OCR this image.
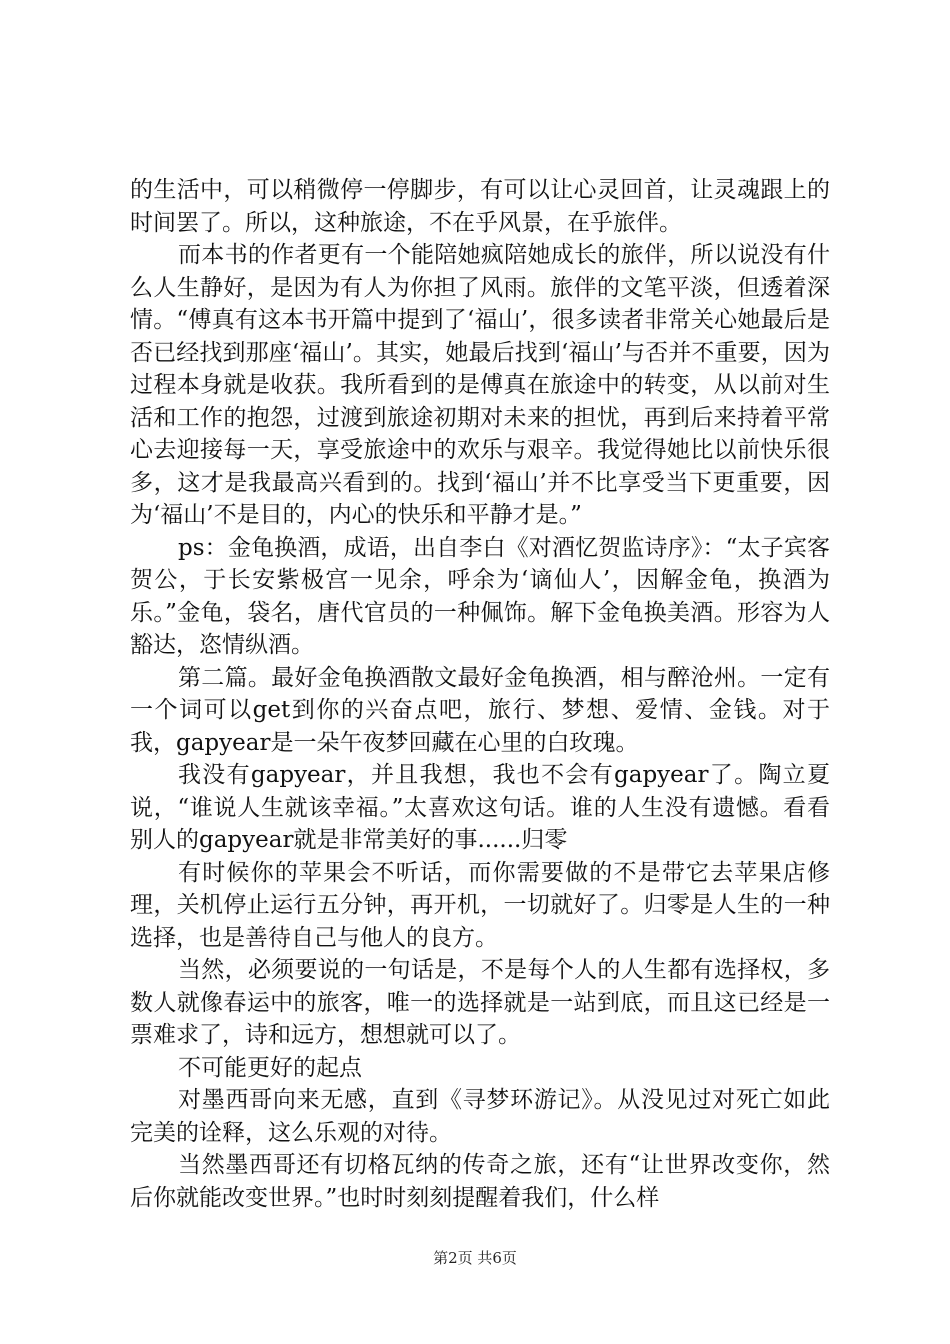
的生活中，可以稍微停一停脚步，有可以让心灵回首，让灵魂跟上的时间罢了。所以，这种旅途，不在乎风景，在乎旅伴。

而本书的作者更有一个能陪她疯陪她成长的旅伴，所以说没有什么人生静好，是因为有人为你担了风雨。旅伴的文笔平淡，但透着深情。“傅真有这本书开篇中提到了‘福山’，很多读者非常关心她最后是否已经找到那座‘福山’。其实，她最后找到‘福山’与否并不重要，因为过程本身就是收获。我所看到的是傅真在旅途中的转变，从以前对生活和工作的抱怨，过渡到旅途初期对未来的担忧，再到后来持着平常心去迎接每一天，享受旅途中的欢乐与艰辛。我觉得她比以前快乐很多，这才是我最高兴看到的。找到‘福山’并不比享受当下更重要，因为‘福山’不是目的，内心的快乐和平静才是。”

ps：金龟换酒，成语，出自李白《对酒忆贺监诗序》：“太子宾客贺公，于长安紫极宫一见余，呼余为‘谪仙人’，因解金龟，换酒为乐。”金龟，袋名，唐代官员的一种佩饰。解下金龟换美酒。形容为人豁达，恣情纵酒。

第二篇。最好金龟换酒散文最好金龟换酒，相与醉沧州。一定有一个词可以get到你的兴奋点吧，旅行、梦想、爱情、金钱。对于我，gapyear是一朵午夜梦回藏在心里的白玫瑰。

我没有gapyear，并且我想，我也不会有gapyear了。陶立夏说，“谁说人生就该幸福。”太喜欢这句话。谁的人生没有遗憾。看看别人的gapyear就是非常美好的事......归零

有时候你的苹果会不听话，而你需要做的不是带它去苹果店修理，关机停止运行五分钟，再开机，一切就好了。归零是人生的一种选择，也是善待自己与他人的良方。

当然，必须要说的一句话是，不是每个人的人生都有选择权，多数人就像春运中的旅客，唯一的选择就是一站到底，而且这已经是一票难求了，诗和远方，想想就可以了。

不可能更好的起点

对墨西哥向来无感，直到《寻梦环游记》。从没见过对死亡如此完美的诠释，这么乐观的对待。

当然墨西哥还有切格瓦纳的传奇之旅，还有“让世界改变你，然后你就能改变世界。”也时时刻刻提醒着我们，什么样

第2页 共6页
